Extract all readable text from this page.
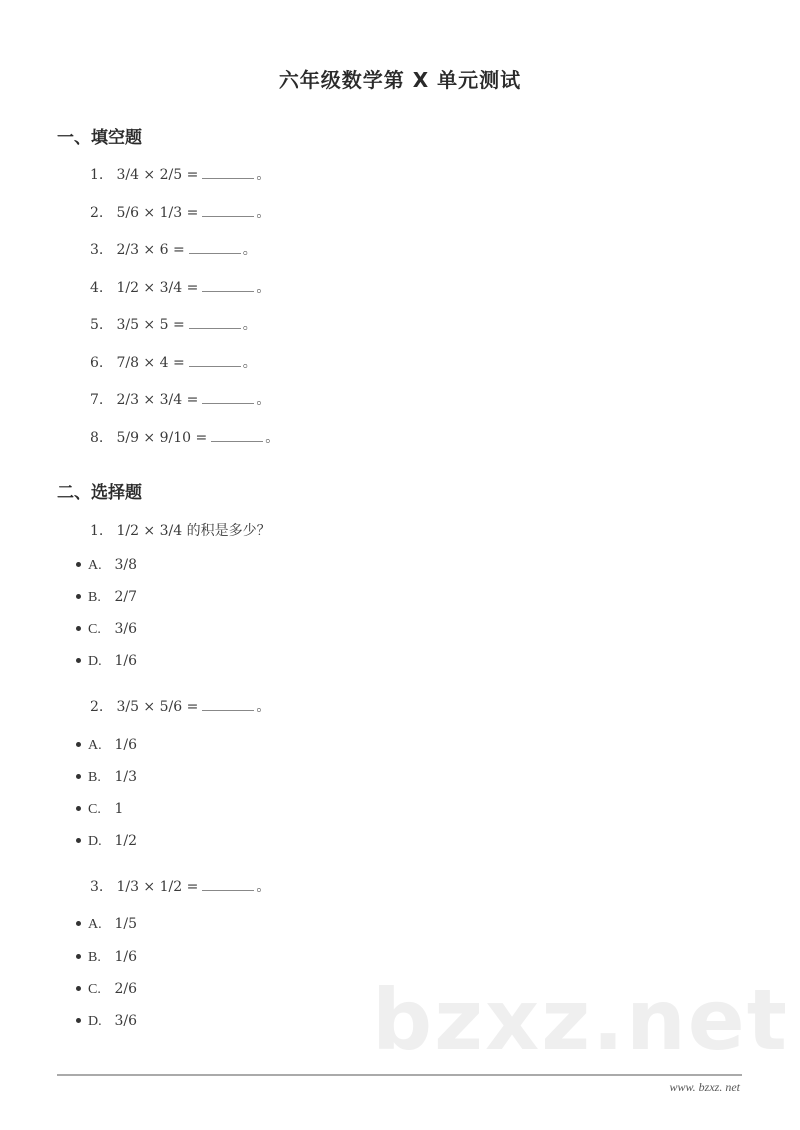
六年级数学第 X 单元测试
一、填空题
1. 3/4 × 2/5 =	。
2. 5/6 × 1/3 =	。
3. 2/3 × 6 =	。
4. 1/2 × 3/4 =	。
5. 3/5 × 5 =	。
6. 7/8 × 4 =	。
7. 2/3 × 3/4 =	。
8. 5/9 × 9/10 =	。
二、选择题
1. 1/2 × 3/4 的积是多少？
A. 3/8
B. 2/7
C. 3/6
D. 1/6
2. 3/5 × 5/6 =	。
A. 1/6
B. 1/3
C. 1
D. 1/2
3. 1/3 × 1/2 =	。
A. 1/5
B. 1/6
C. 2/6
D. 3/6	bzxz.net
www. bzxz. net
